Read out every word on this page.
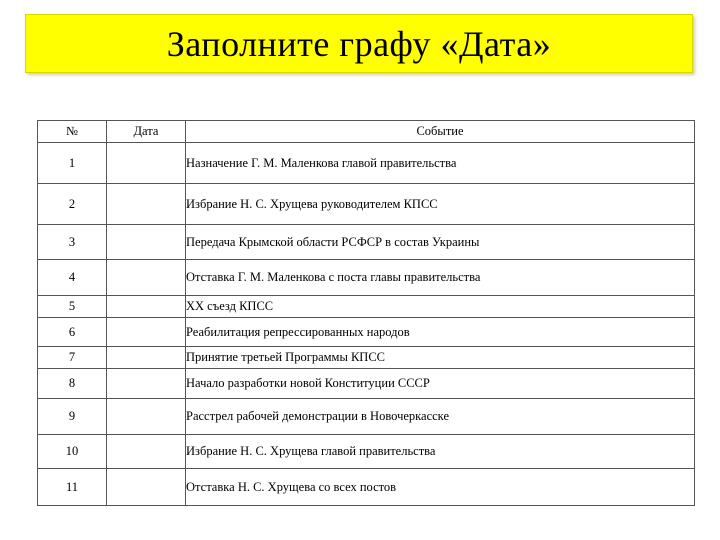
Заполните графу «Дата»
№	Дата	Событие
1		Назначение Г. М. Маленкова главой правительства
2		Избрание Н. С. Хрущева руководителем КПСС
3		Передача Крымской области РСФСР в состав Украины
4		Отставка Г. М. Маленкова с поста главы правительства
5		XX съезд КПСС
6		Реабилитация репрессированных народов
7		Принятие третьей Программы КПСС
8		Начало разработки новой Конституции СССР
9		Расстрел рабочей демонстрации в Новочеркасске
10		Избрание Н. С. Хрущева главой правительства
11		Отставка Н. С. Хрущева со всех постов
